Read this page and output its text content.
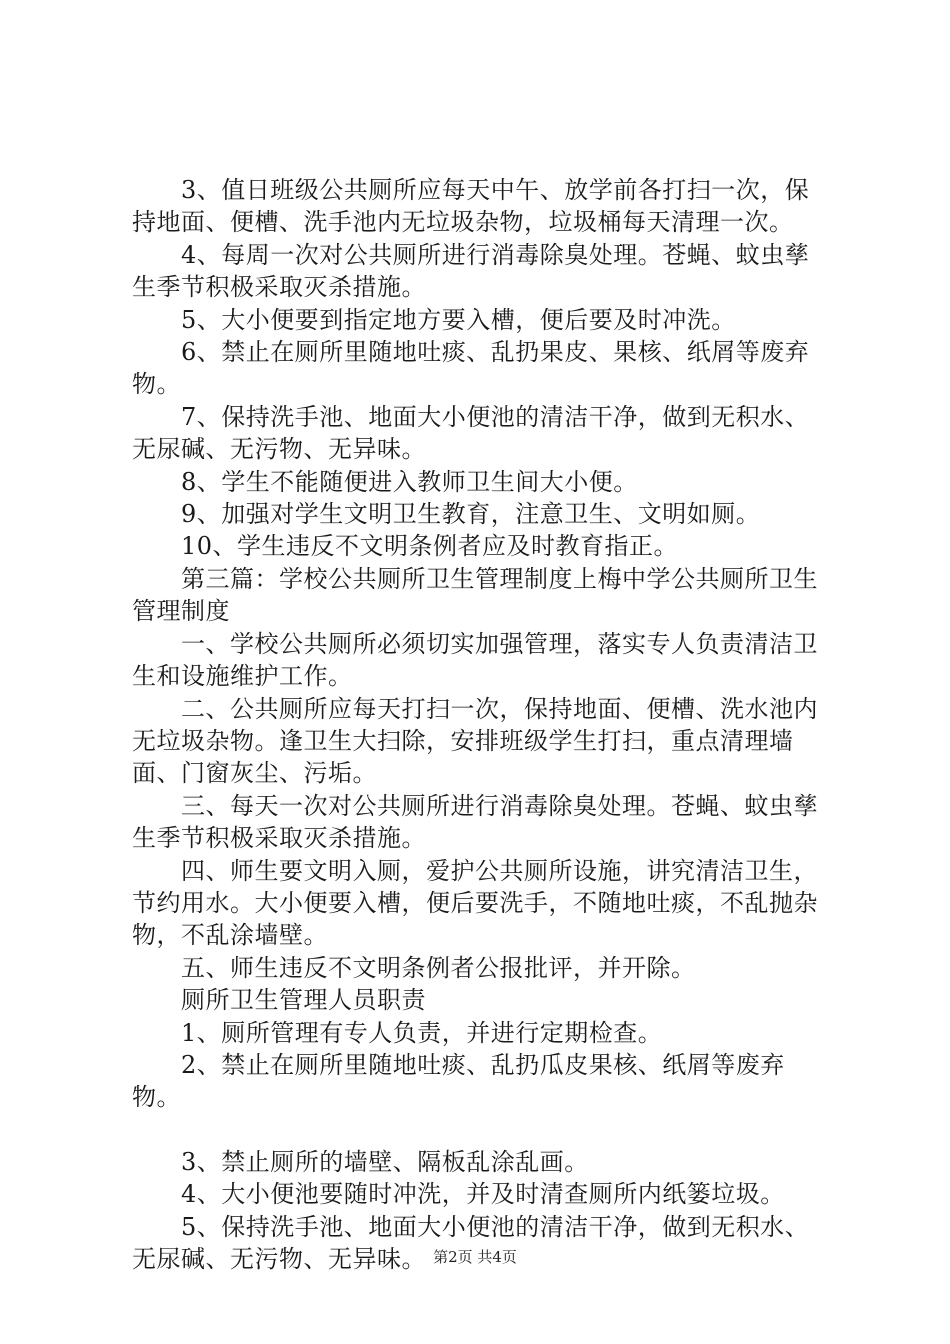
　　3、值日班级公共厕所应每天中午、放学前各打扫一次，保持地面、便槽、洗手池内无垃圾杂物，垃圾桶每天清理一次。

　　4、每周一次对公共厕所进行消毒除臭处理。苍蝇、蚊虫孳生季节积极采取灭杀措施。

　　5、大小便要到指定地方要入槽，便后要及时冲洗。

　　6、禁止在厕所里随地吐痰、乱扔果皮、果核、纸屑等废弃物。

　　7、保持洗手池、地面大小便池的清洁干净，做到无积水、无尿碱、无污物、无异味。

　　8、学生不能随便进入教师卫生间大小便。

　　9、加强对学生文明卫生教育，注意卫生、文明如厕。

　　10、学生违反不文明条例者应及时教育指正。

　　第三篇：学校公共厕所卫生管理制度上梅中学公共厕所卫生管理制度

　　一、学校公共厕所必须切实加强管理，落实专人负责清洁卫生和设施维护工作。

　　二、公共厕所应每天打扫一次，保持地面、便槽、洗水池内无垃圾杂物。逢卫生大扫除，安排班级学生打扫，重点清理墙面、门窗灰尘、污垢。

　　三、每天一次对公共厕所进行消毒除臭处理。苍蝇、蚊虫孳生季节积极采取灭杀措施。

　　四、师生要文明入厕，爱护公共厕所设施，讲究清洁卫生，节约用水。大小便要入槽，便后要洗手，不随地吐痰，不乱抛杂物，不乱涂墙壁。

　　五、师生违反不文明条例者公报批评，并开除。

　　厕所卫生管理人员职责

　　1、厕所管理有专人负责，并进行定期检查。

　　2、禁止在厕所里随地吐痰、乱扔瓜皮果核、纸屑等废弃物。

　　3、禁止厕所的墙壁、隔板乱涂乱画。

　　4、大小便池要随时冲洗，并及时清查厕所内纸篓垃圾。

　　5、保持洗手池、地面大小便池的清洁干净，做到无积水、无尿碱、无污物、无异味。 第2页 共4页
